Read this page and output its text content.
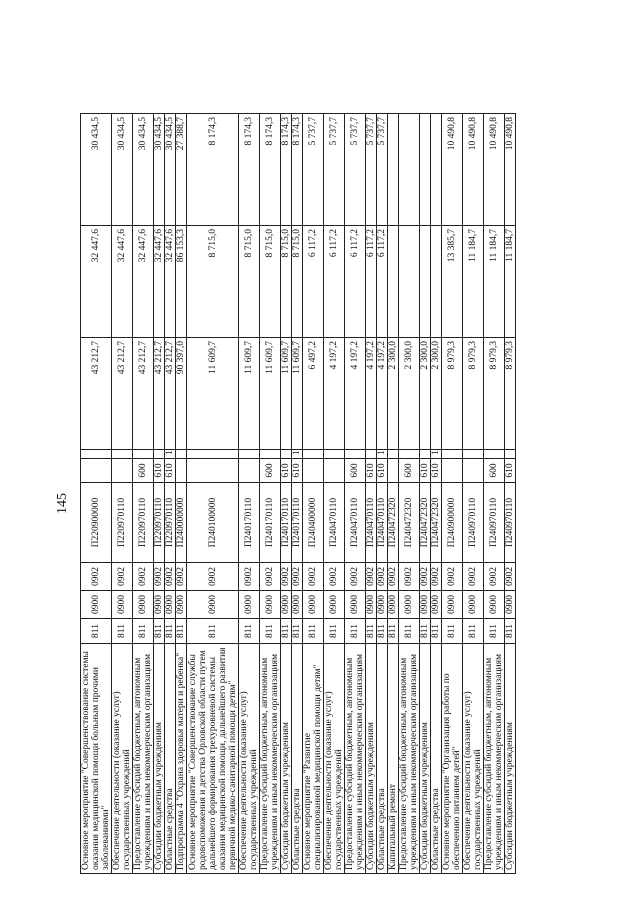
145
Основное мероприятие "Совершенствование системы оказания медицинской помощи больным прочими заболеваниями"	811	0900	0902	П220900000			43 212,7	32 447,6	30 434,5
Обеспечение деятельности (оказание услуг) государственных учреждений	811	0900	0902	П220970110			43 212,7	32 447,6	30 434,5
Предоставление субсидий бюджетным, автономным учреждениям и иным некоммерческим организациям	811	0900	0902	П220970110	600		43 212,7	32 447,6	30 434,5
Субсидии бюджетным учреждениям	811	0900	0902	П220970110	610		43 212,7	32 447,6	30 434,5
Областные средства	811	0900	0902	П220970110	610	1	43 212,7	32 447,6	30 434,5
Подпрограмма 4 "Охрана здоровья матери и ребенка"	811	0900	0902	П240000000			90 397,0	86 153,3	27 388,7
Основное мероприятие "Совершенствование службы родовспоможения и детства Орловской области путем дальнейшего формирования трехуровневой системы оказания медицинской помощи, дальнейшего развития первичной медико-санитарной помощи детям"	811	0900	0902	П240100000			11 609,7	8 715,0	8 174,3
Обеспечение деятельности (оказание услуг) государственных учреждений	811	0900	0902	П240170110			11 609,7	8 715,0	8 174,3
Предоставление субсидий бюджетным, автономным учреждениям и иным некоммерческим организациям	811	0900	0902	П240170110	600		11 609,7	8 715,0	8 174,3
Субсидии бюджетным учреждениям	811	0900	0902	П240170110	610		11 609,7	8 715,0	8 174,3
Областные средства	811	0900	0902	П240170110	610	1	11 609,7	8 715,0	8 174,3
Основное мероприятие "Развитие специализированной медицинской помощи детям"	811	0900	0902	П240400000			6 497,2	6 117,2	5 737,7
Обеспечение деятельности (оказание услуг) государственных учреждений	811	0900	0902	П240470110			4 197,2	6 117,2	5 737,7
Предоставление субсидий бюджетным, автономным учреждениям и иным некоммерческим организациям	811	0900	0902	П240470110	600		4 197,2	6 117,2	5 737,7
Субсидии бюджетным учреждениям	811	0900	0902	П240470110	610		4 197,2	6 117,2	5 737,7
Областные средства	811	0900	0902	П240470110	610	1	4 197,2	6 117,2	5 737,7
Капитальный ремонт	811	0900	0902	П240472320			2 300,0		
Предоставление субсидий бюджетным, автономным учреждениям и иным некоммерческим организациям	811	0900	0902	П240472320	600		2 300,0		
Субсидии бюджетным учреждениям	811	0900	0902	П240472320	610		2 300,0		
Областные средства	811	0900	0902	П240472320	610	1	2 300,0		
Основное мероприятие "Организация работы по обеспечению питанием детей"	811	0900	0902	П240900000			8 979,3	13 385,7	10 490,8
Обеспечение деятельности (оказание услуг) государственных учреждений	811	0900	0902	П240970110			8 979,3	11 184,7	10 490,8
Предоставление субсидий бюджетным, автономным учреждениям и иным некоммерческим организациям	811	0900	0902	П240970110	600		8 979,3	11 184,7	10 490,8
Субсидии бюджетным учреждениям	811	0900	0902	П240970110	610		8 979,3	11 184,7	10 490,8
